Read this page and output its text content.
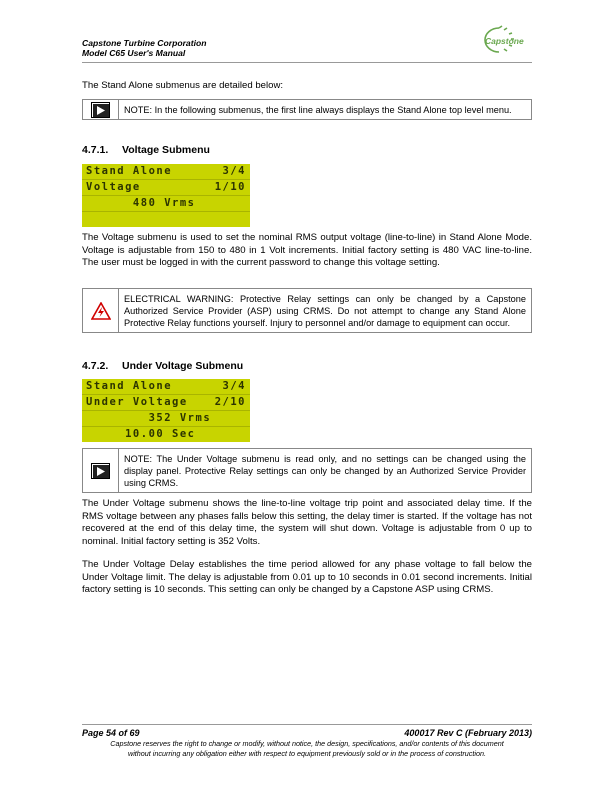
Capstone Turbine Corporation
Model C65 User's Manual
Capstone
The Stand Alone submenus are detailed below:
NOTE: In the following submenus, the first line always displays the Stand Alone top level menu.
4.7.1. Voltage Submenu
Stand Alone	3/4
Voltage	1/10
480 Vrms
The Voltage submenu is used to set the nominal RMS output voltage (line-to-line) in Stand Alone Mode. Voltage is adjustable from 150 to 480 in 1 Volt increments. Initial factory setting is 480 VAC line-to-line. The user must be logged in with the current password to change this voltage setting.
ELECTRICAL WARNING: Protective Relay settings can only be changed by a Capstone Authorized Service Provider (ASP) using CRMS. Do not attempt to change any Stand Alone Protective Relay functions yourself. Injury to personnel and/or damage to equipment can occur.
4.7.2. Under Voltage Submenu
Stand Alone	3/4
Under Voltage	2/10
352 Vrms
10.00 Sec
NOTE: The Under Voltage submenu is read only, and no settings can be changed using the display panel. Protective Relay settings can only be changed by an Authorized Service Provider using CRMS.
The Under Voltage submenu shows the line-to-line voltage trip point and associated delay time. If the RMS voltage between any phases falls below this setting, the delay timer is started. If the voltage has not recovered at the end of this delay time, the system will shut down. Voltage is adjustable from 0 up to nominal. Initial factory setting is 352 Volts.
The Under Voltage Delay establishes the time period allowed for any phase voltage to fall below the Under Voltage limit. The delay is adjustable from 0.01 up to 10 seconds in 0.01 second increments. Initial factory setting is 10 seconds. This setting can only be changed by a Capstone ASP using CRMS.
Page 54 of 69	400017 Rev C (February 2013)
Capstone reserves the right to change or modify, without notice, the design, specifications, and/or contents of this document
without incurring any obligation either with respect to equipment previously sold or in the process of construction.
